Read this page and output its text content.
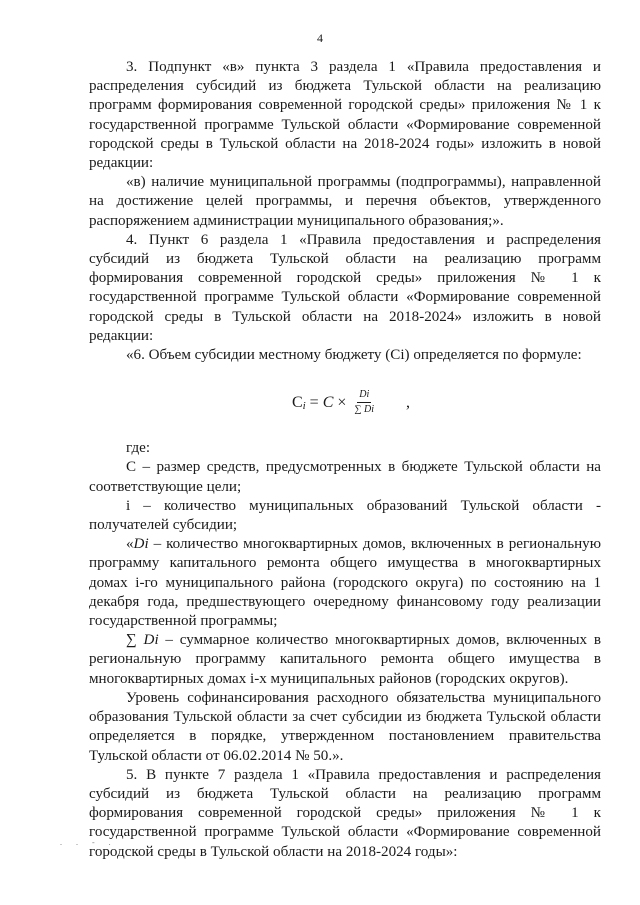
4

3. Подпункт «в» пункта 3 раздела 1 «Правила предоставления и распределения субсидий из бюджета Тульской области на реализацию программ формирования современной городской среды» приложения № 1 к государственной программе Тульской области «Формирование современной городской среды в Тульской области на 2018-2024 годы» изложить в новой редакции:

«в) наличие муниципальной программы (подпрограммы), направленной на достижение целей программы, и перечня объектов, утвержденного распоряжением администрации муниципального образования;».

4. Пункт 6 раздела 1 «Правила предоставления и распределения субсидий из бюджета Тульской области на реализацию программ формирования современной городской среды» приложения № 1 к государственной программе Тульской области «Формирование современной городской среды в Тульской области на 2018-2024» изложить в новой редакции:

«6. Объем субсидии местному бюджету (Ci) определяется по формуле:

C $i = C \times \frac{Di}{\sum Di}$ ,

где:

С – размер средств, предусмотренных в бюджете Тульской области на соответствующие цели;

i – количество муниципальных образований Тульской области - получателей субсидии;

«Di – количество многоквартирных домов, включенных в региональную программу капитального ремонта общего имущества в многоквартирных домах i-го муниципального района (городского округа) по состоянию на 1 декабря года, предшествующего очередному финансовому году реализации государственной программы;

∑ Di – суммарное количество многоквартирных домов, включенных в региональную программу капитального ремонта общего имущества в многоквартирных домах i-х муниципальных районов (городских округов).

Уровень софинансирования расходного обязательства муниципального образования Тульской области за счет субсидии из бюджета Тульской области определяется в порядке, утвержденном постановлением правительства Тульской области от 06.02.2014 № 50.».

5. В пункте 7 раздела 1 «Правила предоставления и распределения субсидий из бюджета Тульской области на реализацию программ формирования современной городской среды» приложения № 1 к государственной программе Тульской области «Формирование современной городской среды в Тульской области на 2018-2024 годы»:

. . - .
